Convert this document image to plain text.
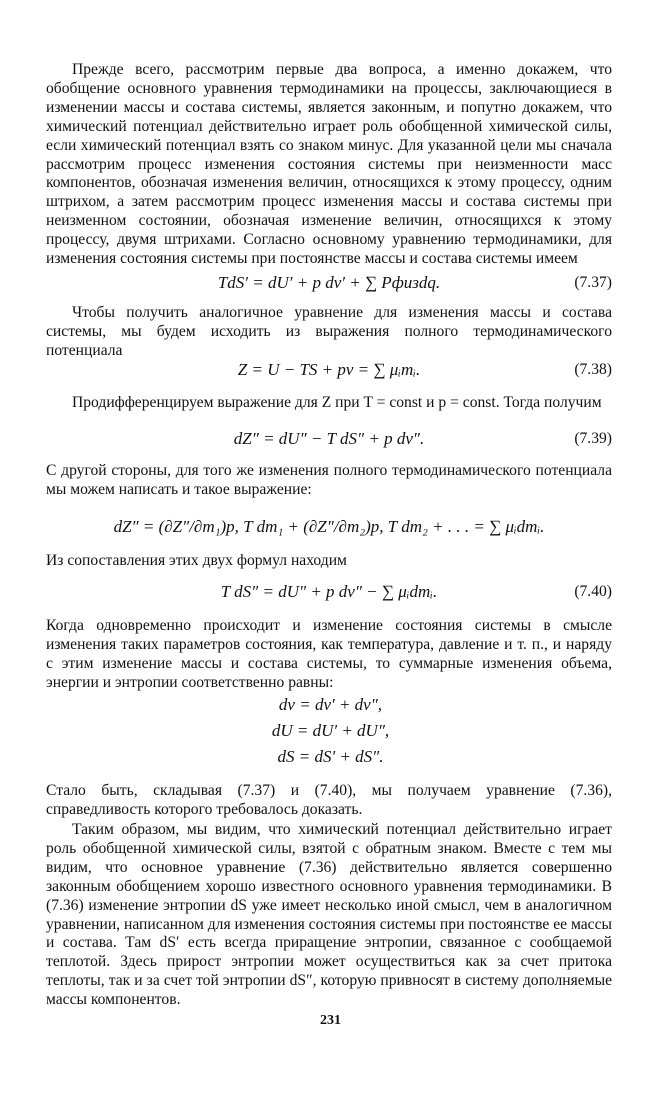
Прежде всего, рассмотрим первые два вопроса, а именно докажем, что обобщение основного уравнения термодинамики на процессы, заключающиеся в изменении массы и состава системы, является законным, и попутно докажем, что химический потенциал действительно играет роль обобщенной химической силы, если химический потенциал взять со знаком минус. Для указанной цели мы сначала рассмотрим процесс изменения состояния системы при неизменности масс компонентов, обозначая изменения величин, относящихся к этому процессу, одним штрихом, а затем рассмотрим процесс изменения массы и состава системы при неизменном состоянии, обозначая изменение величин, относящихся к этому процессу, двумя штрихами. Согласно основному уравнению термодинамики, для изменения состояния системы при постоянстве массы и состава системы имеем

TdS′ = dU′ + p dv′ + ∑ Pфизdq.	(7.37)

Чтобы получить аналогичное уравнение для изменения массы и состава системы, мы будем исходить из выражения полного термодинамического потенциала

Z = U − TS + pv = ∑ μᵢmᵢ.	(7.38)

Продифференцируем выражение для Z при T = const и p = const. Тогда получим

dZ″ = dU″ − T dS″ + p dv″.	(7.39)

С другой стороны, для того же изменения полного термодинамического потенциала мы можем написать и такое выражение:

dZ″ = (∂Z″/∂m₁)p, T dm₁ + (∂Z″/∂m₂)p, T dm₂ + . . . = ∑ μᵢdmᵢ.

Из сопоставления этих двух формул находим

T dS″ = dU″ + p dv″ − ∑ μᵢdmᵢ.	(7.40)

Когда одновременно происходит и изменение состояния системы в смысле изменения таких параметров состояния, как температура, давление и т. п., и наряду с этим изменение массы и состава системы, то суммарные изменения объема, энергии и энтропии соответственно равны:

dv = dv′ + dv″,
dU = dU′ + dU″,
dS = dS′ + dS″.

Стало быть, складывая (7.37) и (7.40), мы получаем уравнение (7.36), справедливость которого требовалось доказать.

Таким образом, мы видим, что химический потенциал действительно играет роль обобщенной химической силы, взятой с обратным знаком. Вместе с тем мы видим, что основное уравнение (7.36) действительно является совершенно законным обобщением хорошо известного основного уравнения термодинамики. В (7.36) изменение энтропии dS уже имеет несколько иной смысл, чем в аналогичном уравнении, написанном для изменения состояния системы при постоянстве ее массы и состава. Там dS′ есть всегда приращение энтропии, связанное с сообщаемой теплотой. Здесь прирост энтропии может осуществиться как за счет притока теплоты, так и за счет той энтропии dS″, которую привносят в систему дополняемые массы компонентов.

231
